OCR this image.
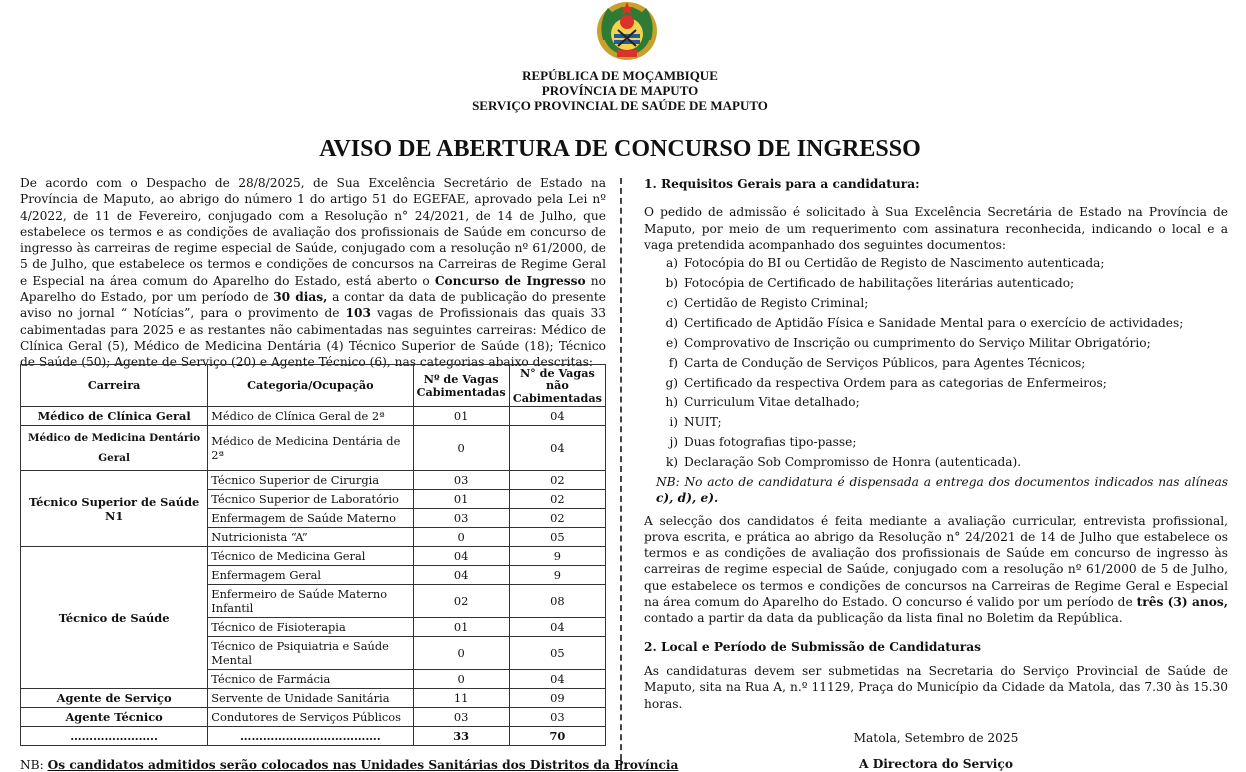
REPÚBLICA DE MOÇAMBIQUE
PROVÍNCIA DE MAPUTO
SERVIÇO PROVINCIAL DE SAÚDE DE MAPUTO
AVISO DE ABERTURA DE CONCURSO DE INGRESSO

De acordo com o Despacho de 28/8/2025, de Sua Excelência Secretário de Estado na Província de Maputo, ao abrigo do número 1 do artigo 51 do EGEFAE, aprovado pela Lei nº 4/2022, de 11 de Fevereiro, conjugado com a Resolução n° 24/2021, de 14 de Julho, que estabelece os termos e as condições de avaliação dos profissionais de Saúde em concurso de ingresso às carreiras de regime especial de Saúde, conjugado com a resolução nº 61/2000, de 5 de Julho, que estabelece os termos e condições de concursos na Carreiras de Regime Geral e Especial na área comum do Aparelho do Estado, está aberto o Concurso de Ingresso no Aparelho do Estado, por um período de 30 dias, a contar da data de publicação do presente aviso no jornal “ Notícias”, para o provimento de 103 vagas de Profissionais das quais 33 cabimentadas para 2025 e as restantes não cabimentadas nas seguintes carreiras: Médico de Clínica Geral (5), Médico de Medicina Dentária (4) Técnico Superior de Saúde (18); Técnico de Saúde (50); Agente de Serviço (20) e Agente Técnico (6), nas categorias abaixo descritas:

Carreira	Categoria/Ocupação	Nº de Vagas Cabimentadas	N° de Vagas não Cabimentadas
Médico de Clínica Geral	Médico de Clínica Geral de 2ª	01	04
Médico de Medicina Dentário Geral	Médico de Medicina Dentária de 2ª	0	04
Técnico Superior de Saúde N1	Técnico Superior de Cirurgia	03	02
	Técnico Superior de Laboratório	01	02
	Enfermagem de Saúde Materno	03	02
	Nutricionista “A”	0	05
Técnico de Saúde	Técnico de Medicina Geral	04	9
	Enfermagem Geral	04	9
	Enfermeiro de Saúde Materno Infantil	02	08
	Técnico de Fisioterapia	01	04
	Técnico de Psiquiatria e Saúde Mental	0	05
	Técnico de Farmácia	0	04
Agente de Serviço	Servente de Unidade Sanitária	11	09
Agente Técnico	Condutores de Serviços Públicos	03	03
…………………..	……………………………….	33	70
NB: Os candidatos admitidos serão colocados nas Unidades Sanitárias dos Distritos da Província

1. Requisitos Gerais para a candidatura:

O pedido de admissão é solicitado à Sua Excelência Secretária de Estado na Província de Maputo, por meio de um requerimento com assinatura reconhecida, indicando o local e a vaga pretendida acompanhado dos seguintes documentos:

a) Fotocópia do BI ou Certidão de Registo de Nascimento autenticada;
b) Fotocópia de Certificado de habilitações literárias autenticado;
c) Certidão de Registo Criminal;
d) Certificado de Aptidão Física e Sanidade Mental para o exercício de actividades;
e) Comprovativo de Inscrição ou cumprimento do Serviço Militar Obrigatório;
f) Carta de Condução de Serviços Públicos, para Agentes Técnicos;
g) Certificado da respectiva Ordem para as categorias de Enfermeiros;
h) Curriculum Vitae detalhado;
i) NUIT;
j) Duas fotografias tipo-passe;
k) Declaração Sob Compromisso de Honra (autenticada).

NB: No acto de candidatura é dispensada a entrega dos documentos indicados nas alíneas c), d), e).

A selecção dos candidatos é feita mediante a avaliação curricular, entrevista profissional, prova escrita, e prática ao abrigo da Resolução n° 24/2021 de 14 de Julho que estabelece os termos e as condições de avaliação dos profissionais de Saúde em concurso de ingresso às carreiras de regime especial de Saúde, conjugado com a resolução nº 61/2000 de 5 de Julho, que estabelece os termos e condições de concursos na Carreiras de Regime Geral e Especial na área comum do Aparelho do Estado. O concurso é valido por um período de três (3) anos, contado a partir da data da publicação da lista final no Boletim da República.

2. Local e Período de Submissão de Candidaturas

As candidaturas devem ser submetidas na Secretaria do Serviço Provincial de Saúde de Maputo, sita na Rua A, n.º 11129, Praça do Município da Cidade da Matola, das 7.30 às 15.30 horas.

Matola, Setembro de 2025

A Directora do Serviço
